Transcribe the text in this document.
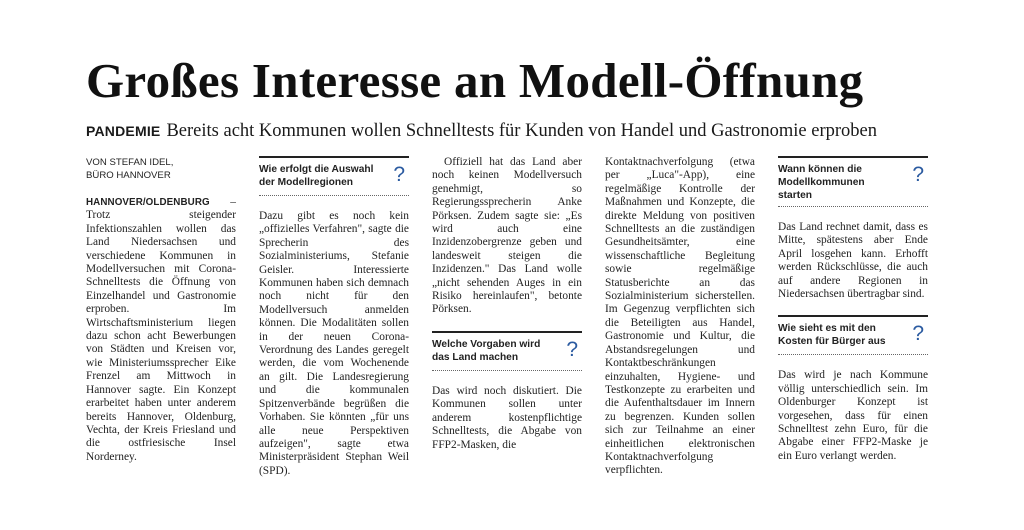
Großes Interesse an Modell-Öffnung
PANDEMIE Bereits acht Kommunen wollen Schnelltests für Kunden von Handel und Gastronomie erproben
VON STEFAN IDEL,
BÜRO HANNOVER

HANNOVER/OLDENBURG – Trotz steigender Infektionszahlen wollen das Land Niedersachsen und verschiedene Kommunen in Modellversuchen mit Corona-Schnelltests die Öffnung von Einzelhandel und Gastronomie erproben. Im Wirtschaftsministerium liegen dazu schon acht Bewerbungen von Städten und Kreisen vor, wie Ministeriumssprecher Eike Frenzel am Mittwoch in Hannover sagte. Ein Konzept erarbeitet haben unter anderem bereits Hannover, Oldenburg, Vechta, der Kreis Friesland und die ostfriesische Insel Norderney.

Wie erfolgt die Auswahl der Modellregionen	?

Dazu gibt es noch kein „offizielles Verfahren", sagte die Sprecherin des Sozialministeriums, Stefanie Geisler. Interessierte Kommunen haben sich demnach noch nicht für den Modellversuch anmelden können. Die Modalitäten sollen in der neuen Corona-Verordnung des Landes geregelt werden, die vom Wochenende an gilt. Die Landesregierung und die kommunalen Spitzenverbände begrüßen die Vorhaben. Sie könnten „für uns alle neue Perspektiven aufzeigen", sagte etwa Ministerpräsident Stephan Weil (SPD).

Offiziell hat das Land aber noch keinen Modellversuch genehmigt, so Regierungssprecherin Anke Pörksen. Zudem sagte sie: „Es wird auch eine Inzidenzobergrenze geben und landesweit steigen die Inzidenzen." Das Land wolle „nicht sehenden Auges in ein Risiko hereinlaufen", betonte Pörksen.

Welche Vorgaben wird das Land machen	?

Das wird noch diskutiert. Die Kommunen sollen unter anderem kostenpflichtige Schnelltests, die Abgabe von FFP2-Masken, die

Kontaktnachverfolgung (etwa per „Luca"-App), eine regelmäßige Kontrolle der Maßnahmen und Konzepte, die direkte Meldung von positiven Schnelltests an die zuständigen Gesundheitsämter, eine wissenschaftliche Begleitung sowie regelmäßige Statusberichte an das Sozialministerium sicherstellen. Im Gegenzug verpflichten sich die Beteiligten aus Handel, Gastronomie und Kultur, die Abstandsregelungen und Kontaktbeschränkungen einzuhalten, Hygiene- und Testkonzepte zu erarbeiten und die Aufenthaltsdauer im Innern zu begrenzen. Kunden sollen sich zur Teilnahme an einer einheitlichen elektronischen Kontaktnachverfolgung verpflichten.

Wann können die Modellkommunen starten
?

Das Land rechnet damit, dass es Mitte, spätestens aber Ende April losgehen kann. Erhofft werden Rückschlüsse, die auch auf andere Regionen in Niedersachsen übertragbar sind.

Wie sieht es mit den Kosten für Bürger aus	?

Das wird je nach Kommune völlig unterschiedlich sein. Im Oldenburger Konzept ist vorgesehen, dass für einen Schnelltest zehn Euro, für die Abgabe einer FFP2-Maske je ein Euro verlangt werden.
